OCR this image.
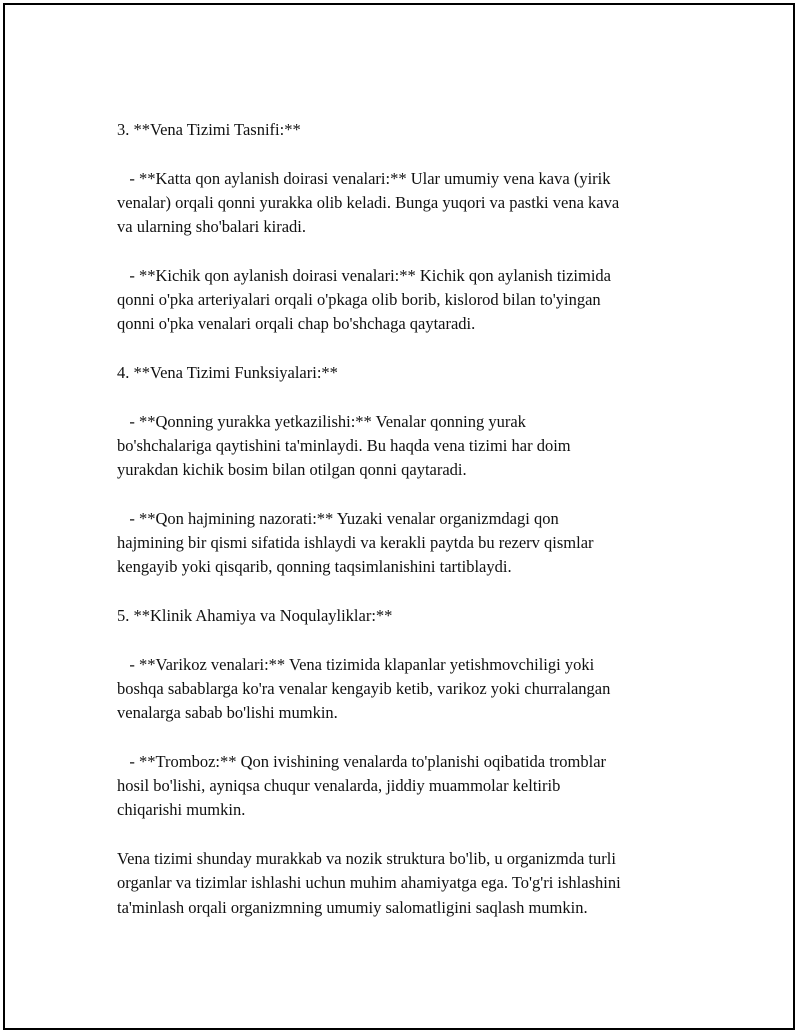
3. **Vena Tizimi Tasnifi:**

- **Katta qon aylanish doirasi venalari:** Ular umumiy vena kava (yirik
venalar) orqali qonni yurakka olib keladi. Bunga yuqori va pastki vena kava
va ularning sho'balari kiradi.

- **Kichik qon aylanish doirasi venalari:** Kichik qon aylanish tizimida
qonni o'pka arteriyalari orqali o'pkaga olib borib, kislorod bilan to'yingan
qonni o'pka venalari orqali chap bo'shchaga qaytaradi.

4. **Vena Tizimi Funksiyalari:**

- **Qonning yurakka yetkazilishi:** Venalar qonning yurak
bo'shchalariga qaytishini ta'minlaydi. Bu haqda vena tizimi har doim
yurakdan kichik bosim bilan otilgan qonni qaytaradi.

- **Qon hajmining nazorati:** Yuzaki venalar organizmdagi qon
hajmining bir qismi sifatida ishlaydi va kerakli paytda bu rezerv qismlar
kengayib yoki qisqarib, qonning taqsimlanishini tartiblaydi.

5. **Klinik Ahamiya va Noqulayliklar:**

- **Varikoz venalari:** Vena tizimida klapanlar yetishmovchiligi yoki
boshqa sabablarga ko'ra venalar kengayib ketib, varikoz yoki churralangan
venalarga sabab bo'lishi mumkin.

- **Tromboz:** Qon ivishining venalarda to'planishi oqibatida tromblar
hosil bo'lishi, ayniqsa chuqur venalarda, jiddiy muammolar keltirib
chiqarishi mumkin.

Vena tizimi shunday murakkab va nozik struktura bo'lib, u organizmda turli
organlar va tizimlar ishlashi uchun muhim ahamiyatga ega. To'g'ri ishlashini
ta'minlash orqali organizmning umumiy salomatligini saqlash mumkin.
